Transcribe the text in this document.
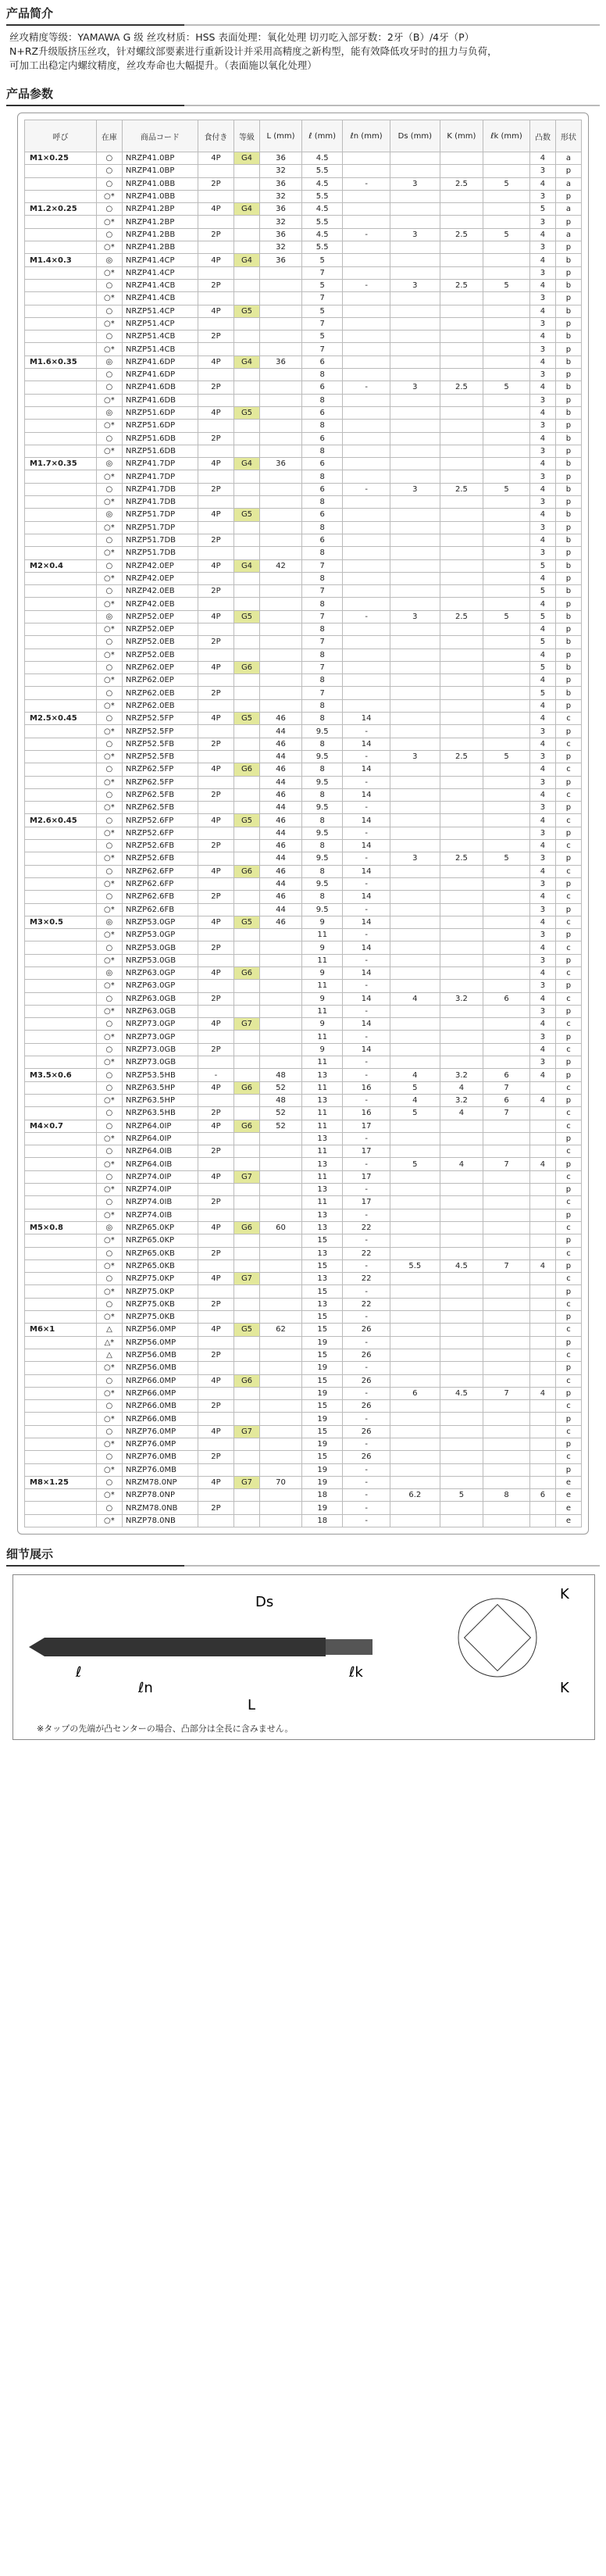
产品简介
丝攻精度等级：YAMAWA G 级 丝攻材质：HSS 表面处理：氧化处理 切刃吃入部牙数：2牙（B）/4牙（P）
N+RZ升级版挤压丝攻，针对螺纹部要素进行重新设计并采用高精度之新构型，能有效降低攻牙时的扭力与负荷，
可加工出稳定内螺纹精度，丝攻寿命也大幅提升。（表面施以氧化处理）
产品参数
呼び	在庫	商品コード	食付き	等級	L (mm)	ℓ (mm)	ℓn (mm)	Ds (mm)	K (mm)	ℓk (mm)	凸数	形状
M1×0.25	○	NRZP41.0BP	4P	G4	36	4.5					4	a
	○	NRZP41.0BP			32	5.5					3	p
	○	NRZP41.0BB	2P		36	4.5	-	3	2.5	5	4	a
	○*	NRZP41.0BB			32	5.5					3	p
M1.2×0.25	○	NRZP41.2BP	4P	G4	36	4.5					5	a
	○*	NRZP41.2BP			32	5.5					3	p
	○	NRZP41.2BB	2P		36	4.5	-	3	2.5	5	4	a
	○*	NRZP41.2BB			32	5.5					3	p
M1.4×0.3	◎	NRZP41.4CP	4P	G4	36	5					4	b
	○*	NRZP41.4CP				7					3	p
	○	NRZP41.4CB	2P			5	-	3	2.5	5	4	b
	○*	NRZP41.4CB				7					3	p
	○	NRZP51.4CP	4P	G5		5					4	b
	○*	NRZP51.4CP				7					3	p
	○	NRZP51.4CB	2P			5					4	b
	○*	NRZP51.4CB				7					3	p
M1.6×0.35	◎	NRZP41.6DP	4P	G4	36	6					4	b
	○	NRZP41.6DP				8					3	p
	○	NRZP41.6DB	2P			6	-	3	2.5	5	4	b
	○*	NRZP41.6DB				8					3	p
	◎	NRZP51.6DP	4P	G5		6					4	b
	○*	NRZP51.6DP				8					3	p
	○	NRZP51.6DB	2P			6					4	b
	○*	NRZP51.6DB				8					3	p
M1.7×0.35	◎	NRZP41.7DP	4P	G4	36	6					4	b
	○*	NRZP41.7DP				8					3	p
	○	NRZP41.7DB	2P			6	-	3	2.5	5	4	b
	○*	NRZP41.7DB				8					3	p
	◎	NRZP51.7DP	4P	G5		6					4	b
	○*	NRZP51.7DP				8					3	p
	○	NRZP51.7DB	2P			6					4	b
	○*	NRZP51.7DB				8					3	p
M2×0.4	○	NRZP42.0EP	4P	G4	42	7					5	b
	○*	NRZP42.0EP				8					4	p
	○	NRZP42.0EB	2P			7					5	b
	○*	NRZP42.0EB				8					4	p
	◎	NRZP52.0EP	4P	G5		7	-	3	2.5	5	5	b
	○*	NRZP52.0EP				8					4	p
	○	NRZP52.0EB	2P			7					5	b
	○*	NRZP52.0EB				8					4	p
	○	NRZP62.0EP	4P	G6		7					5	b
	○*	NRZP62.0EP				8					4	p
	○	NRZP62.0EB	2P			7					5	b
	○*	NRZP62.0EB				8					4	p
M2.5×0.45	○	NRZP52.5FP	4P	G5	46	8	14				4	c
	○*	NRZP52.5FP			44	9.5	-				3	p
	○	NRZP52.5FB	2P		46	8	14				4	c
	○*	NRZP52.5FB			44	9.5	-	3	2.5	5	3	p
	○	NRZP62.5FP	4P	G6	46	8	14				4	c
	○*	NRZP62.5FP			44	9.5	-				3	p
	○	NRZP62.5FB	2P		46	8	14				4	c
	○*	NRZP62.5FB			44	9.5	-				3	p
M2.6×0.45	○	NRZP52.6FP	4P	G5	46	8	14				4	c
	○*	NRZP52.6FP			44	9.5	-				3	p
	○	NRZP52.6FB	2P		46	8	14				4	c
	○*	NRZP52.6FB			44	9.5	-	3	2.5	5	3	p
	○	NRZP62.6FP	4P	G6	46	8	14				4	c
	○*	NRZP62.6FP			44	9.5	-				3	p
	○	NRZP62.6FB	2P		46	8	14				4	c
	○*	NRZP62.6FB			44	9.5	-				3	p
M3×0.5	◎	NRZP53.0GP	4P	G5	46	9	14				4	c
	○*	NRZP53.0GP				11	-				3	p
	○	NRZP53.0GB	2P			9	14				4	c
	○*	NRZP53.0GB				11	-				3	p
	◎	NRZP63.0GP	4P	G6		9	14				4	c
	○*	NRZP63.0GP				11	-				3	p
	○	NRZP63.0GB	2P			9	14	4	3.2	6	4	c
	○*	NRZP63.0GB				11	-				3	p
	○	NRZP73.0GP	4P	G7		9	14				4	c
	○*	NRZP73.0GP				11	-				3	p
	○	NRZP73.0GB	2P			9	14				4	c
	○*	NRZP73.0GB				11	-				3	p
M3.5×0.6	○	NRZP53.5HB	-		48	13	-	4	3.2	6	4	p
	○	NRZP63.5HP	4P	G6	52	11	16	5	4	7		c
	○*	NRZP63.5HP			48	13	-	4	3.2	6	4	p
	○	NRZP63.5HB	2P		52	11	16	5	4	7		c
M4×0.7	○	NRZP64.0IP	4P	G6	52	11	17					c
	○*	NRZP64.0IP				13	-					p
	○	NRZP64.0IB	2P			11	17					c
	○*	NRZP64.0IB				13	-	5	4	7	4	p
	○	NRZP74.0IP	4P	G7		11	17					c
	○*	NRZP74.0IP				13	-					p
	○	NRZP74.0IB	2P			11	17					c
	○*	NRZP74.0IB				13	-					p
M5×0.8	◎	NRZP65.0KP	4P	G6	60	13	22					c
	○*	NRZP65.0KP				15	-					p
	○	NRZP65.0KB	2P			13	22					c
	○*	NRZP65.0KB				15	-	5.5	4.5	7	4	p
	○	NRZP75.0KP	4P	G7		13	22					c
	○*	NRZP75.0KP				15	-					p
	○	NRZP75.0KB	2P			13	22					c
	○*	NRZP75.0KB				15	-					p
M6×1	△	NRZP56.0MP	4P	G5	62	15	26					c
	△*	NRZP56.0MP				19	-					p
	△	NRZP56.0MB	2P			15	26					c
	○*	NRZP56.0MB				19	-					p
	○	NRZP66.0MP	4P	G6		15	26					c
	○*	NRZP66.0MP				19	-	6	4.5	7	4	p
	○	NRZP66.0MB	2P			15	26					c
	○*	NRZP66.0MB				19	-					p
	○	NRZP76.0MP	4P	G7		15	26					c
	○*	NRZP76.0MP				19	-					p
	○	NRZP76.0MB	2P			15	26					c
	○*	NRZP76.0MB				19	-					p
M8×1.25	○	NRZM78.0NP	4P	G7	70	19	-					e
	○*	NRZP78.0NP				18	-	6.2	5	8	6	e
	○	NRZM78.0NB	2P			19	-					e
	○*	NRZP78.0NB				18	-					e
细节展示
Ds	K
K
ℓ
ℓn
ℓk
L
※タップの先端が凸センターの場合、凸部分は全長に含みません。
